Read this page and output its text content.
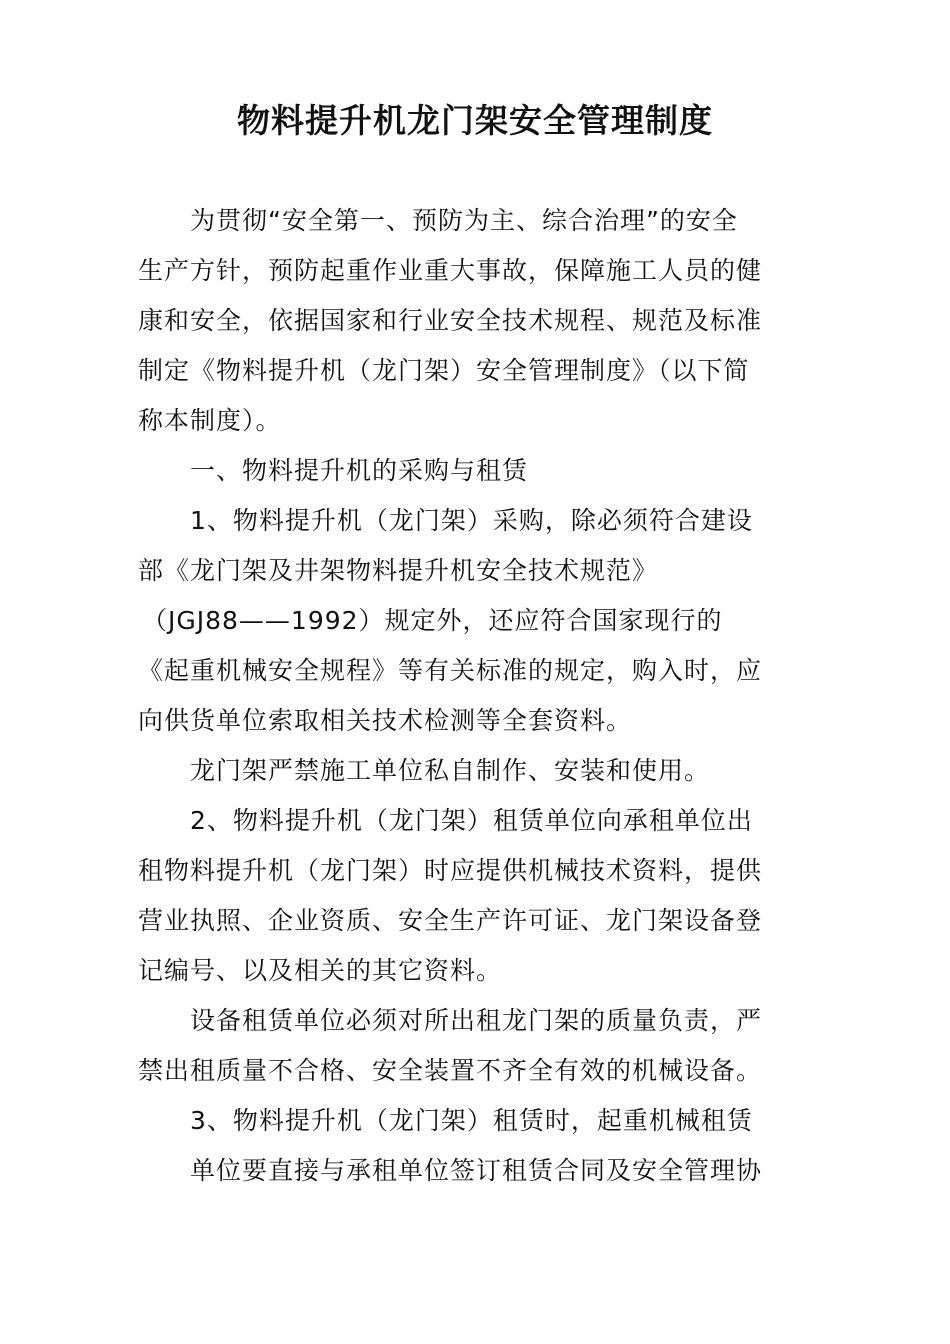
物料提升机龙门架安全管理制度
　　为贯彻“安全第一、预防为主、综合治理”的安全
生产方针，预防起重作业重大事故，保障施工人员的健
康和安全，依据国家和行业安全技术规程、规范及标准
制定《物料提升机（龙门架）安全管理制度》（以下简
称本制度）。
　　一、物料提升机的采购与租赁
　　1、物料提升机（龙门架）采购，除必须符合建设
部《龙门架及井架物料提升机安全技术规范》
（JGJ88——1992）规定外，还应符合国家现行的
《起重机械安全规程》等有关标准的规定，购入时，应
向供货单位索取相关技术检测等全套资料。
　　龙门架严禁施工单位私自制作、安装和使用。
　　2、物料提升机（龙门架）租赁单位向承租单位出
租物料提升机（龙门架）时应提供机械技术资料，提供
营业执照、企业资质、安全生产许可证、龙门架设备登
记编号、以及相关的其它资料。
　　设备租赁单位必须对所出租龙门架的质量负责，严
禁出租质量不合格、安全装置不齐全有效的机械设备。
　　3、物料提升机（龙门架）租赁时，起重机械租赁
　　单位要直接与承租单位签订租赁合同及安全管理协
